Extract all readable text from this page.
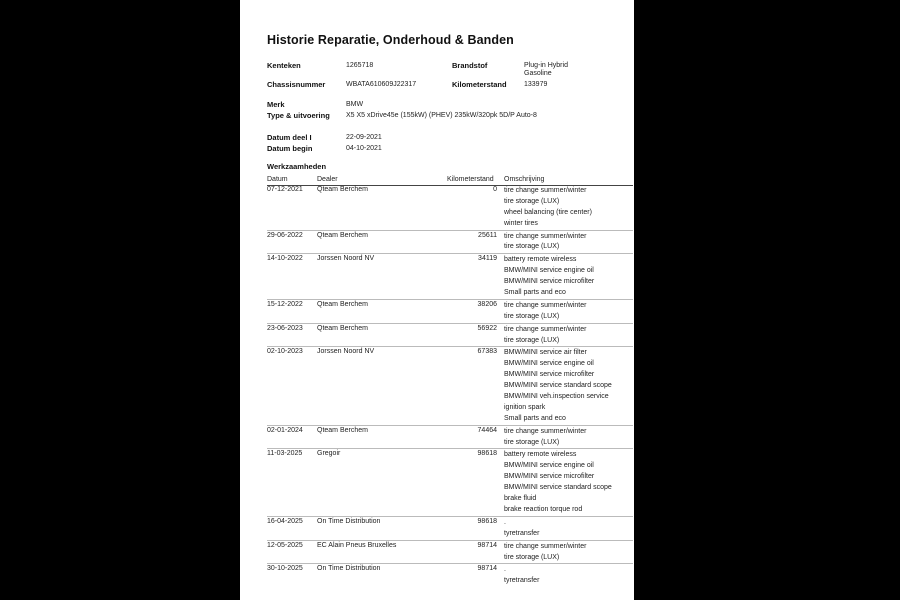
Historie Reparatie, Onderhoud & Banden
Kenteken	1265718	Brandstof	Plug-in Hybrid
Gasoline
Chassisnummer	WBATA610609J22317	Kilometerstand 133979
Merk	BMW
Type & uitvoering X5 X5 xDrive45e (155kW) (PHEV) 235kW/320pk 5D/P Auto-8
Datum deel I	22-09-2021
Datum begin	04-10-2021
Werkzaamheden
Datum	Dealer	Kilometerstand Omschrijving
07-12-2021 Qteam Berchem	0 tire change summer/winter
tire storage (LUX)
wheel balancing (tire center)
winter tires
29-06-2022 Qteam Berchem	25611 tire change summer/winter
tire storage (LUX)
14-10-2022 Jorssen Noord NV	34119 battery remote wireless
BMW/MINI service engine oil
BMW/MINI service microfilter
Small parts and eco
15-12-2022 Qteam Berchem	38206 tire change summer/winter
tire storage (LUX)
23-06-2023 Qteam Berchem	56922 tire change summer/winter
tire storage (LUX)
02-10-2023 Jorssen Noord NV	67383 BMW/MINI service air filter
BMW/MINI service engine oil
BMW/MINI service microfilter
BMW/MINI service standard scope
BMW/MINI veh.inspection service
ignition spark
Small parts and eco
02-01-2024 Qteam Berchem	74464 tire change summer/winter
tire storage (LUX)
11-03-2025 Gregoir	98618 battery remote wireless
BMW/MINI service engine oil
BMW/MINI service microfilter
BMW/MINI service standard scope
brake fluid
brake reaction torque rod
16-04-2025 On Time Distribution	98618 .
tyretransfer
12-05-2025 EC Alain Pneus Bruxelles	98714 tire change summer/winter
tire storage (LUX)
30-10-2025 On Time Distribution	98714 .
tyretransfer
